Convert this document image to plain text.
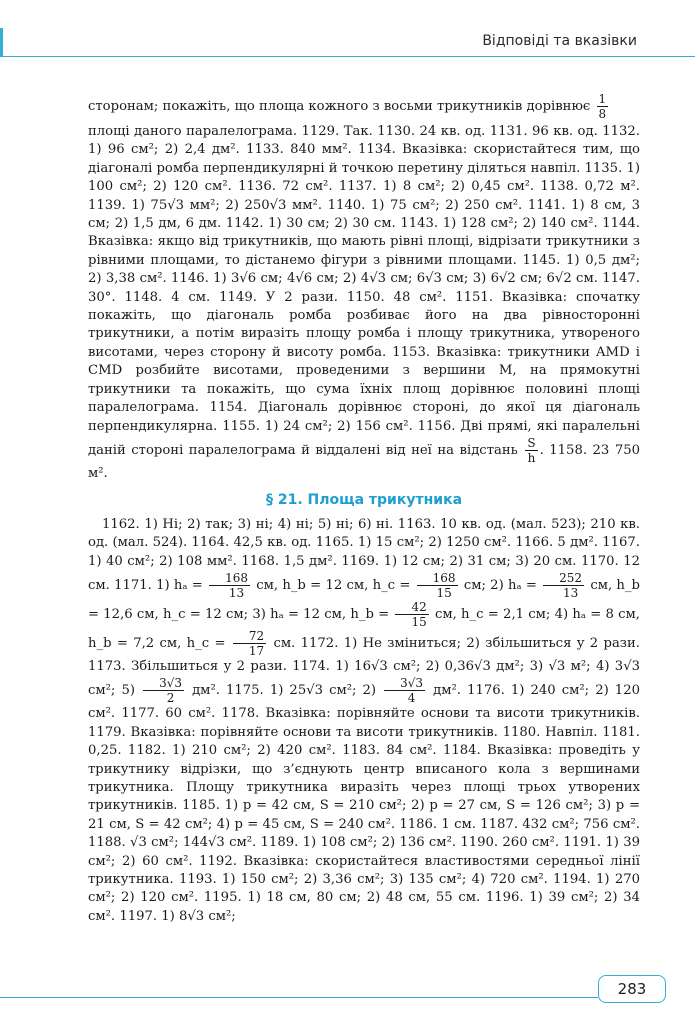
Відповіді та вказівки

сторонам; покажіть, що площа кожного з восьми трикутників дорівнює $\frac{1}{8}$

площі даного паралелограма. 1129. Так. 1130. 24 кв. од. 1131. 96 кв. од. 1132. 1) 96 см²; 2) 2,4 дм². 1133. 840 мм². 1134. Вказівка: скористайтеся тим, що діагоналі ромба перпендикулярні й точкою перетину діляться навпіл. 1135. 1) 100 см²; 2) 120 см². 1136. 72 см². 1137. 1) 8 см²; 2) 0,45 см². 1138. 0,72 м². 1139. 1) 75√3 мм²; 2) 250√3 мм². 1140. 1) 75 см²; 2) 250 см². 1141. 1) 8 см, 3 см; 2) 1,5 дм, 6 дм. 1142. 1) 30 см; 2) 30 см. 1143. 1) 128 см²; 2) 140 см². 1144. Вказівка: якщо від трикутників, що мають рівні площі, відрізати трикутники з рівними площами, то дістанемо фігури з рівними площами. 1145. 1) 0,5 дм²; 2) 3,38 см². 1146. 1) 3√6 см; 4√6 см; 2) 4√3 см; 6√3 см; 3) 6√2 см; 6√2 см. 1147. 30°. 1148. 4 см. 1149. У 2 рази. 1150. 48 см². 1151. Вказівка: спочатку покажіть, що діагональ ромба розбиває його на два рівносторонні трикутники, а потім виразіть площу ромба і площу трикутника, утвореного висотами, через сторону й висоту ромба. 1153. Вказівка: трикутники AMD і CMD розбийте висотами, проведеними з вершини M, на прямокутні трикутники та покажіть, що сума їхніх площ дорівнює половині площі паралелограма. 1154. Діагональ дорівнює стороні, до якої ця діагональ перпендикулярна. 1155. 1) 24 см²; 2) 156 см². 1156. Дві прямі, які паралельні даній стороні паралелограма й віддалені від неї на відстань $\frac{S}{h}$ . 1158. 23 750 м².

§ 21. Площа трикутника

1162. 1) Ні; 2) так; 3) ні; 4) ні; 5) ні; 6) ні. 1163. 10 кв. од. (мал. 523); 210 кв. од. (мал. 524). 1164. 42,5 кв. од. 1165. 1) 15 см²; 2) 1250 см². 1166. 5 дм². 1167. 1) 40 см²; 2) 108 мм². 1168. 1,5 дм². 1169. 1) 12 см; 2) 31 см; 3) 20 см. 1170. 12 см. 1171. 1) $h_a = \frac{168}{13}$ см, h_b = 12 см, h_c = $\frac{168}{15}$ см; 2) $h_a = \frac{252}{13}$ см, h_b = 12,6 см, h_c = 12 см; 3) hₐ = 12 см, h_b = $\frac{42}{15}$ см, h_c = 2,1 см; 4) hₐ = 8 см, h_b = 7,2 см, h_c = $\frac{72}{17}$ см. 1172. 1) Не зміниться; 2) збільшиться у 2 рази. 1173. Збільшиться у 2 рази. 1174. 1) 16√3 см²; 2) 0,36√3 дм²; 3) √3 м²; 4) 3√3 см²; $5) \frac{3√3}{2} дм^2$. 1175. 1) 25√3 см²; $2) \frac{3√3}{4} дм^2$. 1176. 1) 240 см²; 2) 120 см². 1177. 60 см². 1178. Вказівка: порівняйте основи та висоти трикутників. 1179. Вказівка: порівняйте основи та висоти трикутників. 1180. Навпіл. 1181. 0,25. 1182. 1) 210 см²; 2) 420 см². 1183. 84 см². 1184. Вказівка: проведіть у трикутнику відрізки, що з’єднують центр вписаного кола з вершинами трикутника. Площу трикутника виразіть через площі трьох утворених трикутників. 1185. 1) p = 42 см, S = 210 см²; 2) p = 27 см, S = 126 см²; 3) p = 21 см, S = 42 см²; 4) p = 45 см, S = 240 см². 1186. 1 см. 1187. 432 см²; 756 см². 1188. √3 см²; 144√3 см². 1189. 1) 108 см²; 2) 136 см². 1190. 260 см². 1191. 1) 39 см²; 2) 60 см². 1192. Вказівка: скористайтеся властивостями середньої лінії трикутника. 1193. 1) 150 см²; 2) 3,36 см²; 3) 135 см²; 4) 720 см². 1194. 1) 270 см²; 2) 120 см². 1195. 1) 18 см, 80 см; 2) 48 см, 55 см. 1196. 1) 39 см²; 2) 34 см². 1197. 1) 8√3 см²;

283
